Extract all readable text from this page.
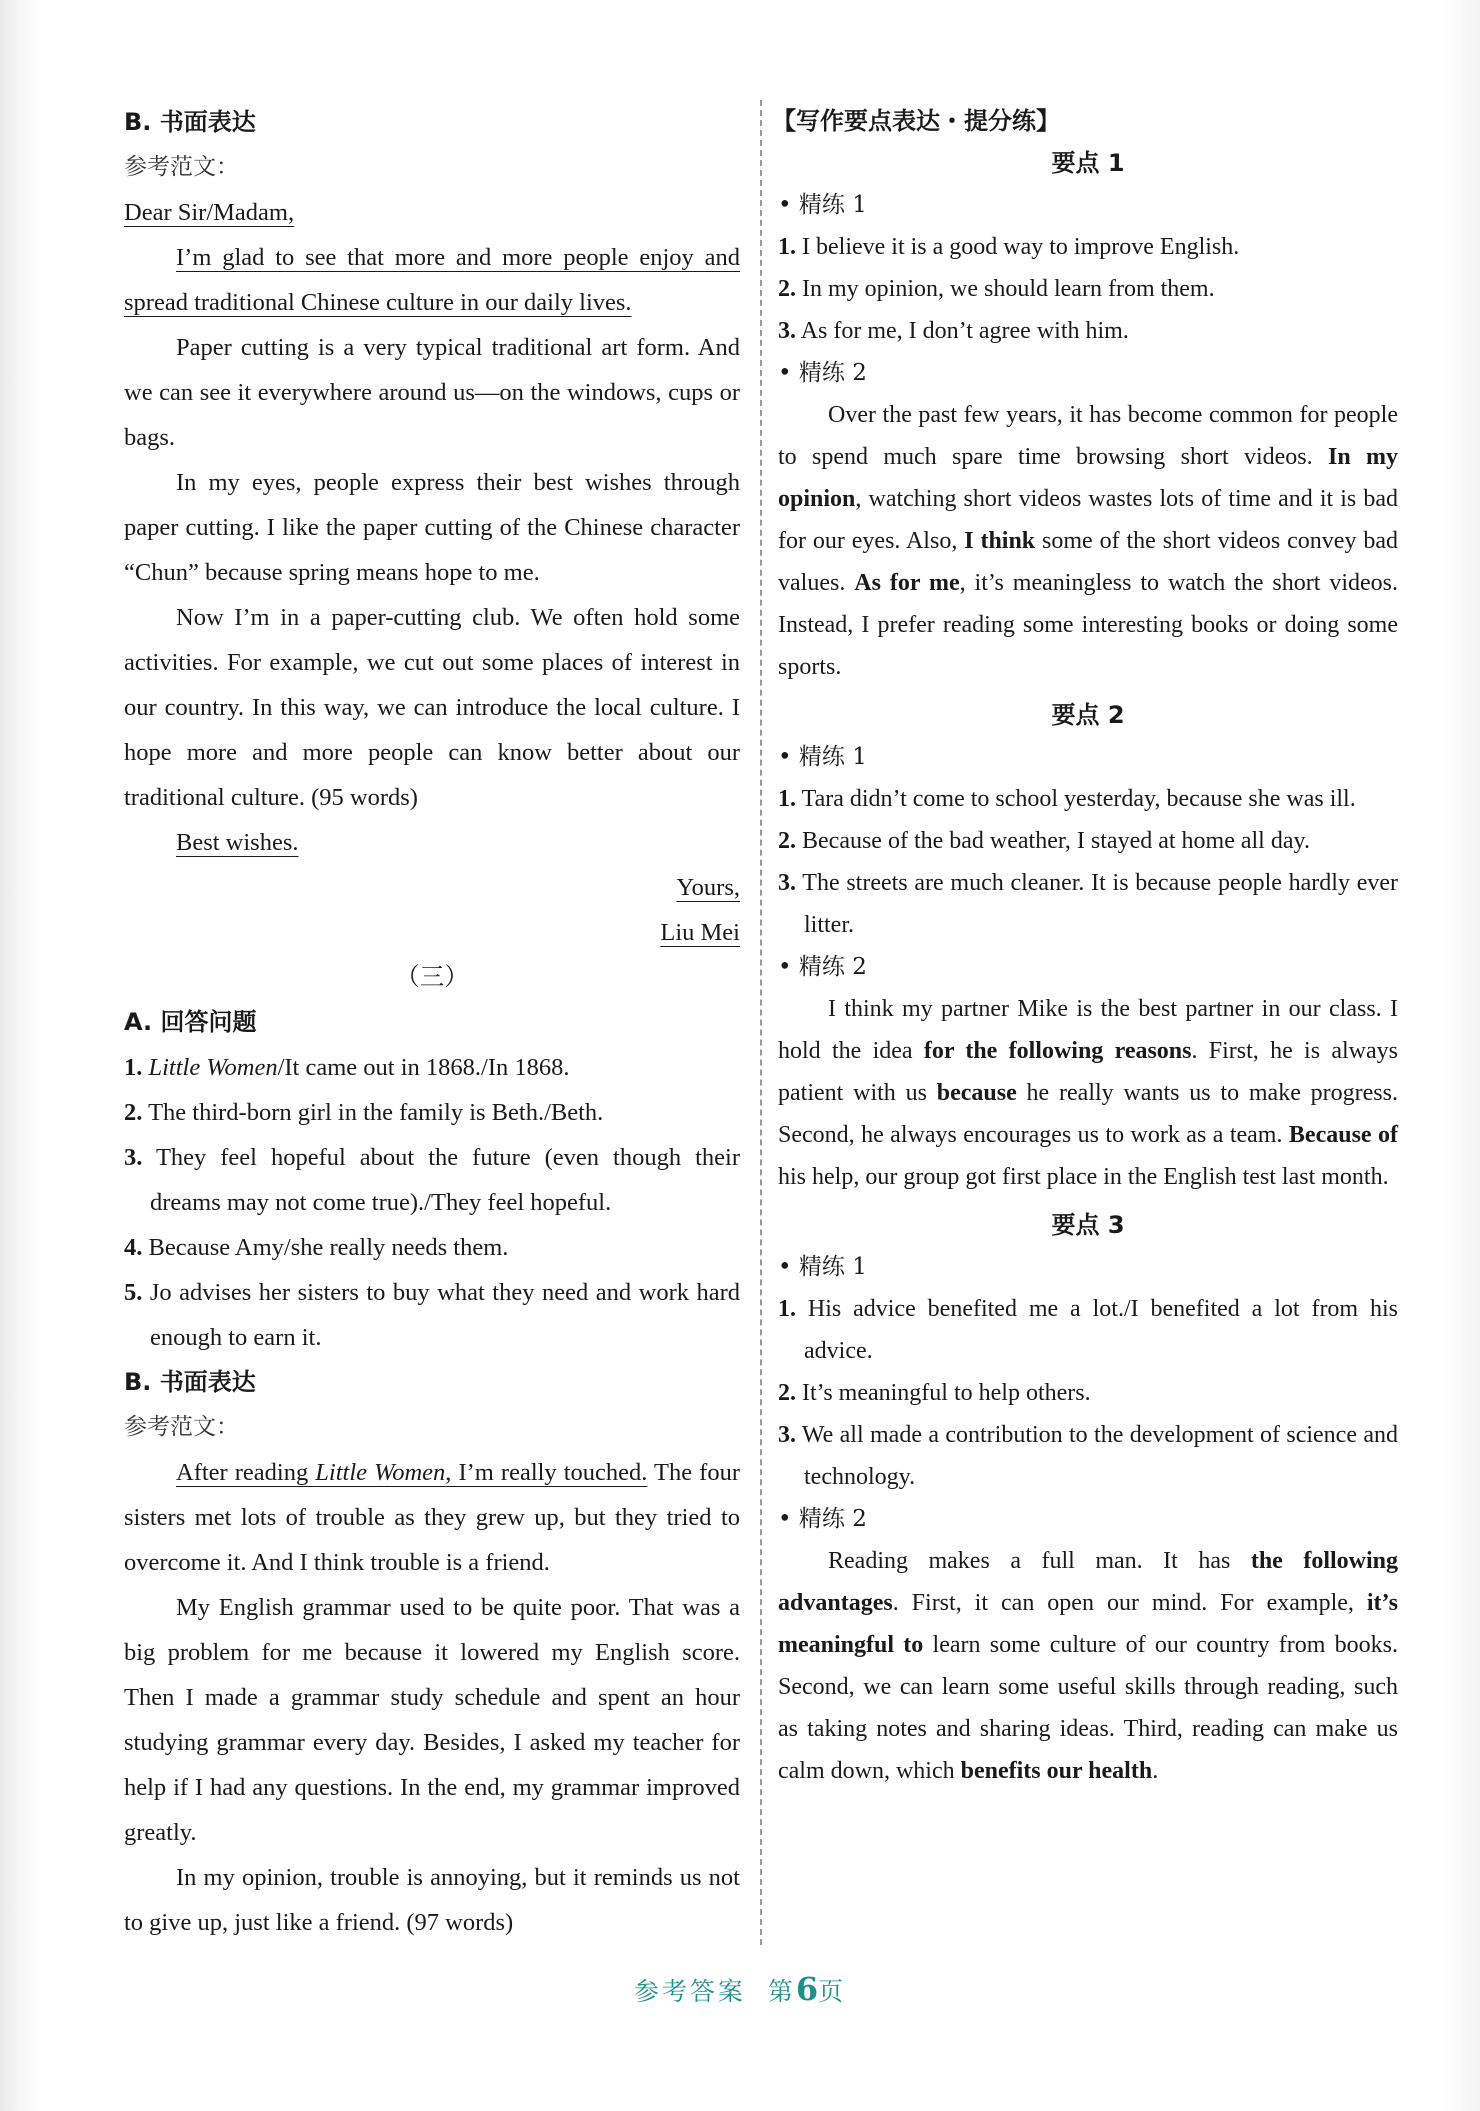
B. 书面表达

参考范文：

Dear Sir/Madam,

I’m glad to see that more and more people enjoy and spread traditional Chinese culture in our daily lives.

Paper cutting is a very typical traditional art form. And we can see it everywhere around us—on the windows, cups or bags.

In my eyes, people express their best wishes through paper cutting. I like the paper cutting of the Chinese character “Chun” because spring means hope to me.

Now I’m in a paper-cutting club. We often hold some activities. For example, we cut out some places of interest in our country. In this way, we can introduce the local culture. I hope more and more people can know better about our traditional culture. (95 words)

Best wishes.

Yours,

Liu Mei

（三）

A. 回答问题

1. Little Women/It came out in 1868./In 1868.

2. The third-born girl in the family is Beth./Beth.

3. They feel hopeful about the future (even though their dreams may not come true)./They feel hopeful.

4. Because Amy/she really needs them.

5. Jo advises her sisters to buy what they need and work hard enough to earn it.

B. 书面表达

参考范文：

After reading Little Women, I’m really touched. The four sisters met lots of trouble as they grew up, but they tried to overcome it. And I think trouble is a friend.

My English grammar used to be quite poor. That was a big problem for me because it lowered my English score. Then I made a grammar study schedule and spent an hour studying grammar every day. Besides, I asked my teacher for help if I had any questions. In the end, my grammar improved greatly.

In my opinion, trouble is annoying, but it reminds us not to give up, just like a friend. (97 words)

【写作要点表达・提分练】

要点 1

• 精练 1

1. I believe it is a good way to improve English.

2. In my opinion, we should learn from them.

3. As for me, I don’t agree with him.

• 精练 2

Over the past few years, it has become common for people to spend much spare time browsing short videos. In my opinion, watching short videos wastes lots of time and it is bad for our eyes. Also, I think some of the short videos convey bad values. As for me, it’s meaningless to watch the short videos. Instead, I prefer reading some interesting books or doing some sports.

要点 2

• 精练 1

1. Tara didn’t come to school yesterday, because she was ill.

2. Because of the bad weather, I stayed at home all day.

3. The streets are much cleaner. It is because people hardly ever litter.

• 精练 2

I think my partner Mike is the best partner in our class. I hold the idea for the following reasons. First, he is always patient with us because he really wants us to make progress. Second, he always encourages us to work as a team. Because of his help, our group got first place in the English test last month.

要点 3

• 精练 1

1. His advice benefited me a lot./I benefited a lot from his advice.

2. It’s meaningful to help others.

3. We all made a contribution to the development of science and technology.

• 精练 2

Reading makes a full man. It has the following advantages. First, it can open our mind. For example, it’s meaningful to learn some culture of our country from books. Second, we can learn some useful skills through reading, such as taking notes and sharing ideas. Third, reading can make us calm down, which benefits our health.

参考答案 第6页
